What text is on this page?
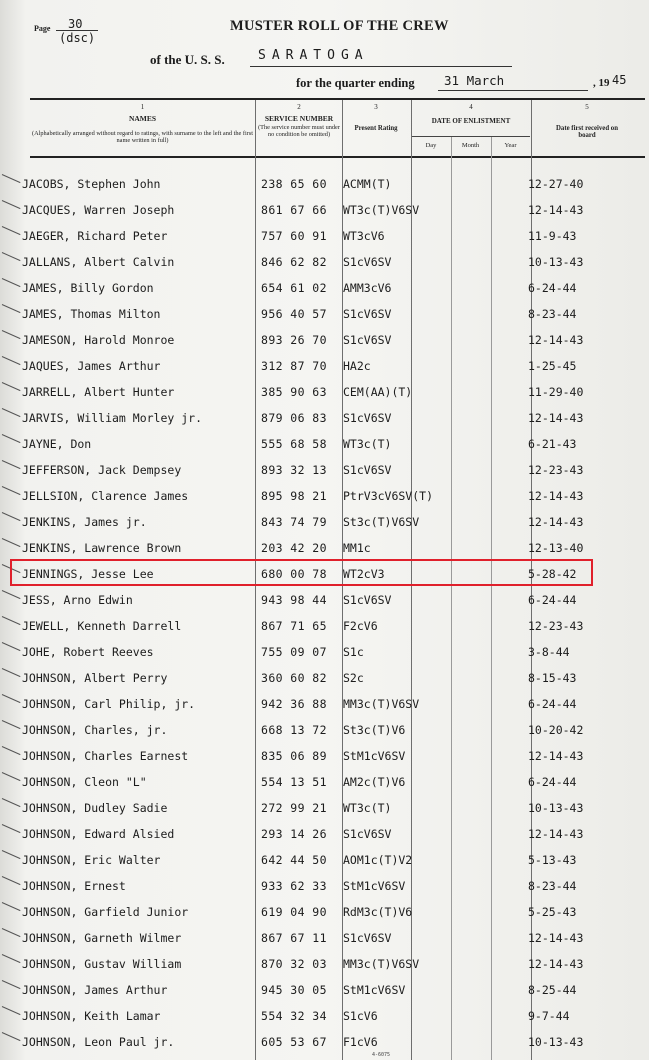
Page 30
(dsc)
MUSTER ROLL OF THE CREW
of the U. S. S.	SARATOGA
for the quarter ending 31 March	, 19 45
1
NAMES
(Alphabetically arranged without regard to ratings, with surname to the left and the first name written in full)
2
SERVICE NUMBER
(The service number must under no condition be omitted)
3
Present Rating
4
DATE OF ENLISTMENT
Day	Month	Year
5
Date first received on board
JACOBS, Stephen John	238 65 60 ACMM(T)	12-27-40
JACQUES, Warren Joseph	861 67 66 WT3c(T)V6SV	12-14-43
JAEGER, Richard Peter	757 60 91 WT3cV6	11-9-43
JALLANS, Albert Calvin	846 62 82 S1cV6SV	10-13-43
JAMES, Billy Gordon	654 61 02 AMM3cV6	6-24-44
JAMES, Thomas Milton	956 40 57 S1cV6SV	8-23-44
JAMESON, Harold Monroe	893 26 70 S1cV6SV	12-14-43
JAQUES, James Arthur	312 87 70 HA2c	1-25-45
JARRELL, Albert Hunter	385 90 63 CEM(AA)(T)	11-29-40
JARVIS, William Morley jr.	879 06 83 S1cV6SV	12-14-43
JAYNE, Don	555 68 58 WT3c(T)	6-21-43
JEFFERSON, Jack Dempsey	893 32 13 S1cV6SV	12-23-43
JELLSION, Clarence James	895 98 21 PtrV3cV6SV(T)	12-14-43
JENKINS, James jr.	843 74 79 St3c(T)V6SV	12-14-43
JENKINS, Lawrence Brown	203 42 20 MM1c	12-13-40
JENNINGS, Jesse Lee	680 00 78 WT2cV3	5-28-42
JESS, Arno Edwin	943 98 44 S1cV6SV	6-24-44
JEWELL, Kenneth Darrell	867 71 65 F2cV6	12-23-43
JOHE, Robert Reeves	755 09 07 S1c	3-8-44
JOHNSON, Albert Perry	360 60 82 S2c	8-15-43
JOHNSON, Carl Philip, jr.	942 36 88 MM3c(T)V6SV	6-24-44
JOHNSON, Charles, jr.	668 13 72 St3c(T)V6	10-20-42
JOHNSON, Charles Earnest	835 06 89 StM1cV6SV	12-14-43
JOHNSON, Cleon "L"	554 13 51 AM2c(T)V6	6-24-44
JOHNSON, Dudley Sadie	272 99 21 WT3c(T)	10-13-43
JOHNSON, Edward Alsied	293 14 26 S1cV6SV	12-14-43
JOHNSON, Eric Walter	642 44 50 AOM1c(T)V2	5-13-43
JOHNSON, Ernest	933 62 33 StM1cV6SV	8-23-44
JOHNSON, Garfield Junior	619 04 90 RdM3c(T)V6	5-25-43
JOHNSON, Garneth Wilmer	867 67 11 S1cV6SV	12-14-43
JOHNSON, Gustav William	870 32 03 MM3c(T)V6SV	12-14-43
JOHNSON, James Arthur	945 30 05 StM1cV6SV	8-25-44
JOHNSON, Keith Lamar	554 32 34 S1cV6	9-7-44
JOHNSON, Leon Paul jr.	605 53 67 F1cV6	10-13-43
4-6075
